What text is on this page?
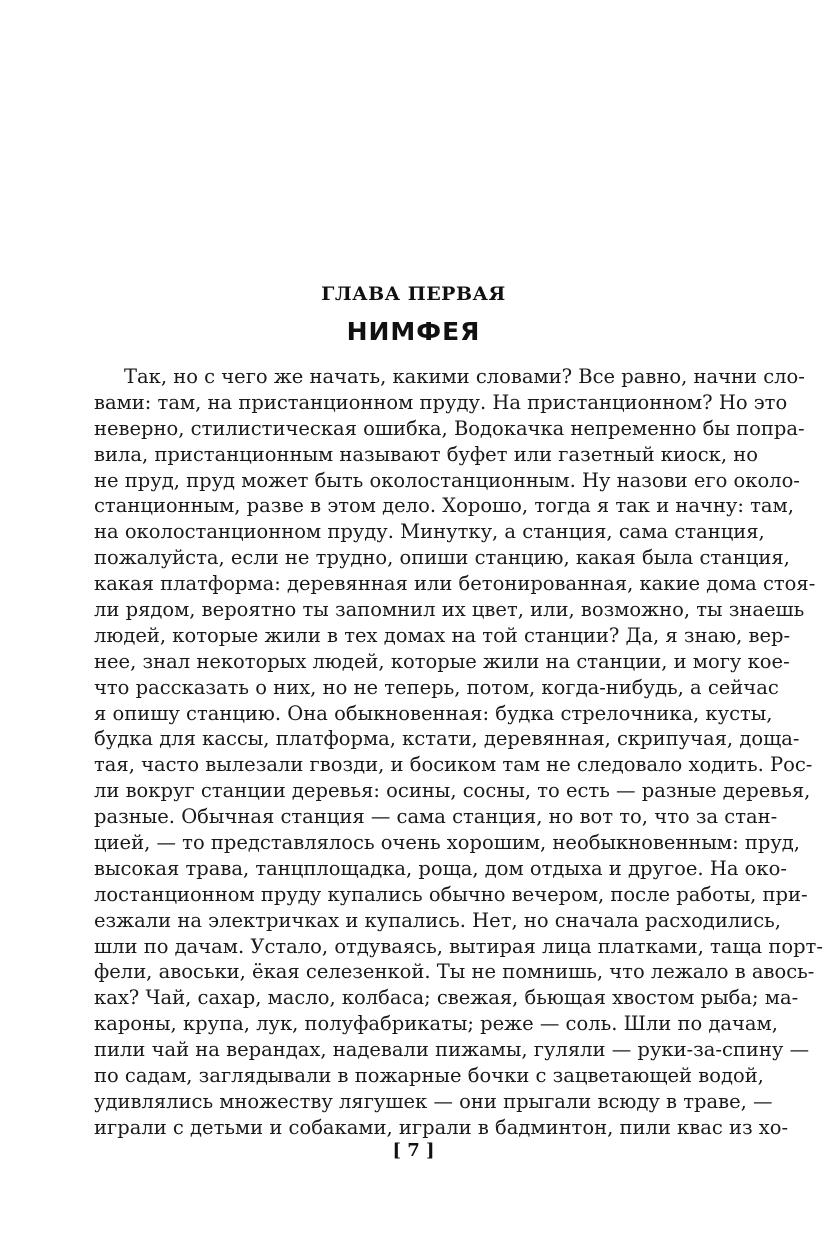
ГЛАВА ПЕРВАЯ
НИМФЕЯ
Так, но с чего же начать, какими словами? Все равно, начни сло-
вами: там, на пристанционном пруду. На пристанционном? Но это
неверно, стилистическая ошибка, Водокачка непременно бы попра-
вила, пристанционным называют буфет или газетный киоск, но
не пруд, пруд может быть околостанционным. Ну назови его около-
станционным, разве в этом дело. Хорошо, тогда я так и начну: там,
на околостанционном пруду. Минутку, а станция, сама станция,
пожалуйста, если не трудно, опиши станцию, какая была станция,
какая платформа: деревянная или бетонированная, какие дома стоя-
ли рядом, вероятно ты запомнил их цвет, или, возможно, ты знаешь
людей, которые жили в тех домах на той станции? Да, я знаю, вер-
нее, знал некоторых людей, которые жили на станции, и могу кое-
что рассказать о них, но не теперь, потом, когда-нибудь, а сейчас
я опишу станцию. Она обыкновенная: будка стрелочника, кусты,
будка для кассы, платформа, кстати, деревянная, скрипучая, доща-
тая, часто вылезали гвозди, и босиком там не следовало ходить. Рос-
ли вокруг станции деревья: осины, сосны, то есть — разные деревья,
разные. Обычная станция — сама станция, но вот то, что за стан-
цией, — то представлялось очень хорошим, необыкновенным: пруд,
высокая трава, танцплощадка, роща, дом отдыха и другое. На око-
лостанционном пруду купались обычно вечером, после работы, при-
езжали на электричках и купались. Нет, но сначала расходились,
шли по дачам. Устало, отдуваясь, вытирая лица платками, таща порт-
фели, авоськи, ёкая селезенкой. Ты не помнишь, что лежало в авось-
ках? Чай, сахар, масло, колбаса; свежая, бьющая хвостом рыба; ма-
кароны, крупа, лук, полуфабрикаты; реже — соль. Шли по дачам,
пили чай на верандах, надевали пижамы, гуляли — руки-за-спину —
по садам, заглядывали в пожарные бочки с зацветающей водой,
удивлялись множеству лягушек — они прыгали всюду в траве, —
играли с детьми и собаками, играли в бадминтон, пили квас из хо-
[ 7 ]
